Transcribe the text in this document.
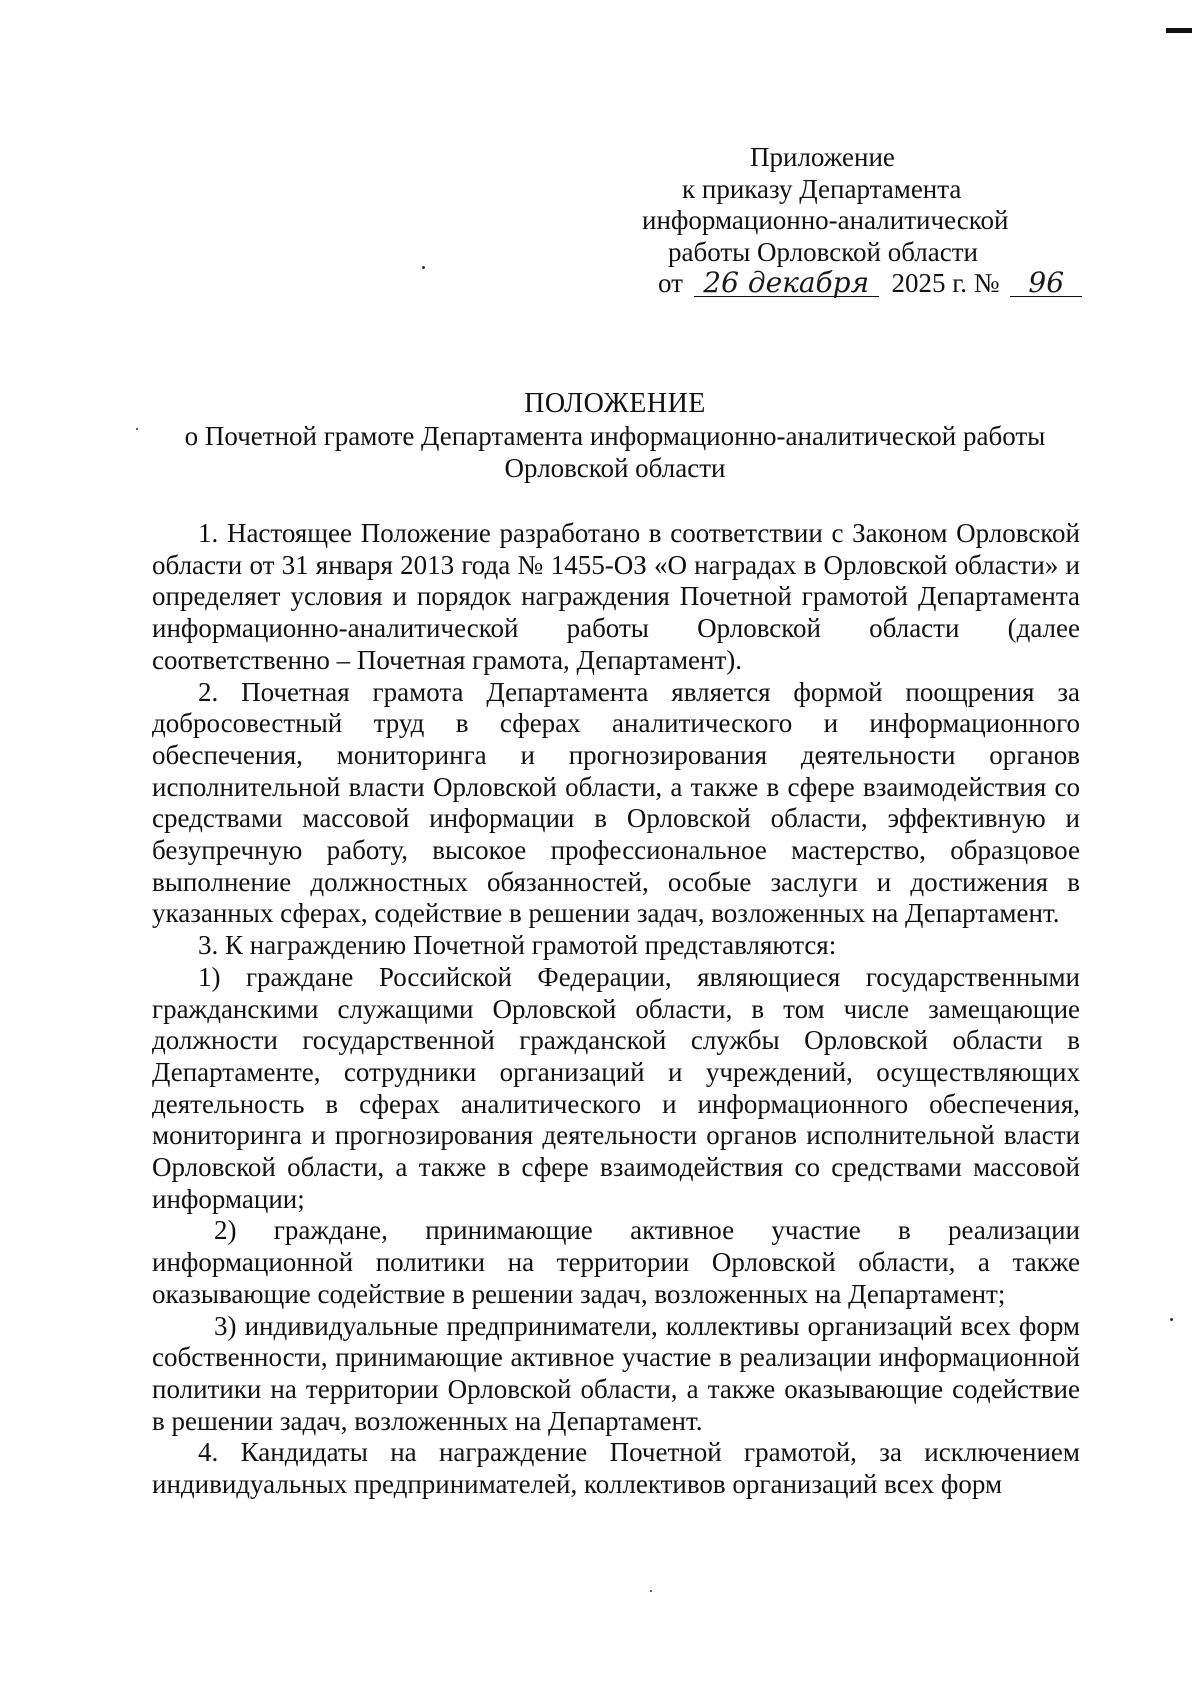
Приложение
к приказу Департамента
информационно-аналитической
работы Орловской области
от 26 декабря 2025 г. № 96
ПОЛОЖЕНИЕ
о Почетной грамоте Департамента информационно-аналитической работы Орловской области

1. Настоящее Положение разработано в соответствии с Законом Орловской области от 31 января 2013 года № 1455-ОЗ «О наградах в Орловской области» и определяет условия и порядок награждения Почетной грамотой Департамента информационно-аналитической работы Орловской области (далее соответственно – Почетная грамота, Департамент).

2. Почетная грамота Департамента является формой поощрения за добросовестный труд в сферах аналитического и информационного обеспечения, мониторинга и прогнозирования деятельности органов исполнительной власти Орловской области, а также в сфере взаимодействия со средствами массовой информации в Орловской области, эффективную и безупречную работу, высокое профессиональное мастерство, образцовое выполнение должностных обязанностей, особые заслуги и достижения в указанных сферах, содействие в решении задач, возложенных на Департамент.

3. К награждению Почетной грамотой представляются:

1) граждане Российской Федерации, являющиеся государственными гражданскими служащими Орловской области, в том числе замещающие должности государственной гражданской службы Орловской области в Департаменте, сотрудники организаций и учреждений, осуществляющих деятельность в сферах аналитического и информационного обеспечения, мониторинга и прогнозирования деятельности органов исполнительной власти Орловской области, а также в сфере взаимодействия со средствами массовой информации;

2) граждане, принимающие активное участие в реализации информационной политики на территории Орловской области, а также оказывающие содействие в решении задач, возложенных на Департамент;

3) индивидуальные предприниматели, коллективы организаций всех форм собственности, принимающие активное участие в реализации информационной политики на территории Орловской области, а также оказывающие содействие в решении задач, возложенных на Департамент.

4. Кандидаты на награждение Почетной грамотой, за исключением индивидуальных предпринимателей, коллективов организаций всех форм
